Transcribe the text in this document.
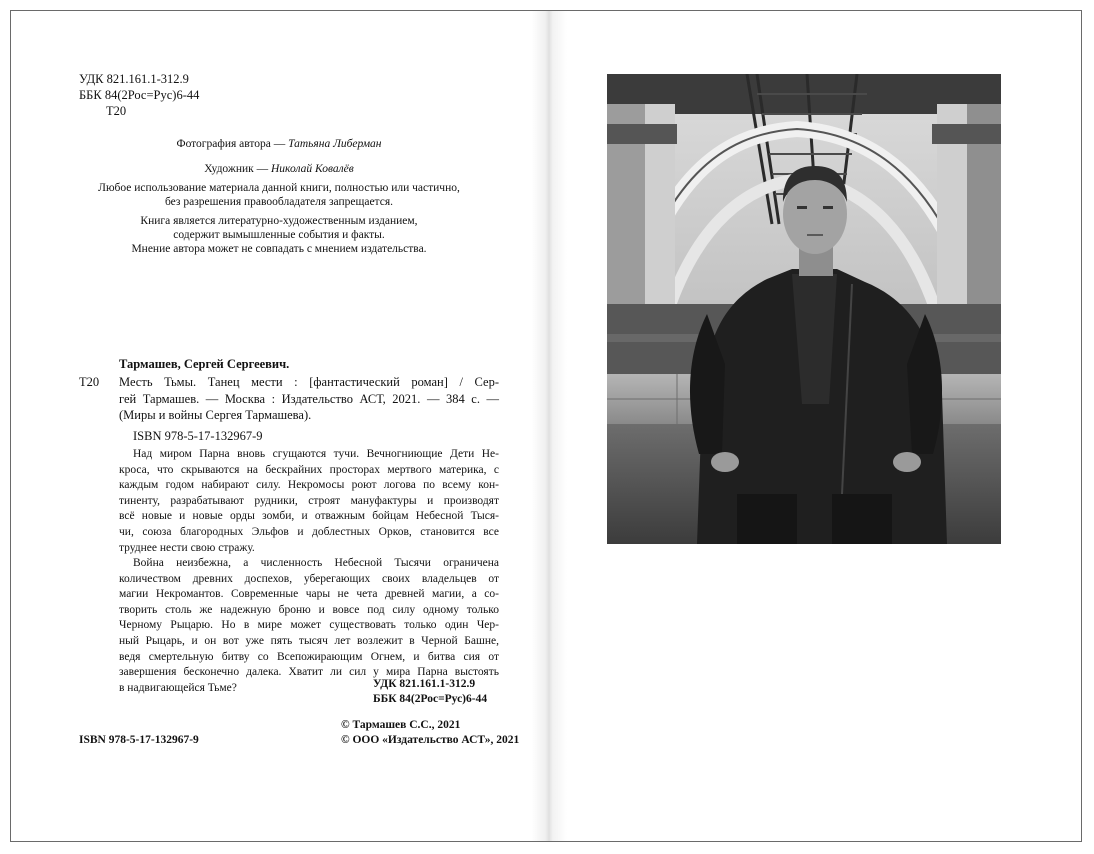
УДК 821.161.1-312.9
ББК 84(2Рос=Рус)6-44
Т20
Фотография автора — Татьяна Либерман
Художник — Николай Ковалёв
Любое использование материала данной книги, полностью или частично,
без разрешения правообладателя запрещается.
Книга является литературно-художественным изданием,
содержит вымышленные события и факты.
Мнение автора может не совпадать с мнением издательства.
Тармашев, Сергей Сергеевич.
Т20 Месть Тьмы. Танец мести : [фантастический роман] / Сер-
гей Тармашев. — Москва : Издательство АСТ, 2021. — 384 с. —
(Миры и войны Сергея Тармашева).
ISBN 978-5-17-132967-9
Над миром Парна вновь сгущаются тучи. Вечногниющие Дети Не-
кроса, что скрываются на бескрайних просторах мертвого материка, с
каждым годом набирают силу. Некромосы роют логова по всему кон-
тиненту, разрабатывают рудники, строят мануфактуры и производят
всё новые и новые орды зомби, и отважным бойцам Небесной Тыся-
чи, союза благородных Эльфов и доблестных Орков, становится все
труднее нести свою стражу.
Война неизбежна, а численность Небесной Тысячи ограничена
количеством древних доспехов, уберегающих своих владельцев от
магии Некромантов. Современные чары не чета древней магии, а со-
творить столь же надежную броню и вовсе под силу одному только
Черному Рыцарю. Но в мире может существовать только один Чер-
ный Рыцарь, и он вот уже пять тысяч лет возлежит в Черной Башне,
ведя смертельную битву со Всепожирающим Огнем, и битва сия от
завершения бесконечно далека. Хватит ли сил у мира Парна выстоять
в надвигающейся Тьме?	УДК 821.161.1-312.9
ББК 84(2Рос=Рус)6-44
© Тармашев С.С., 2021
ISBN 978-5-17-132967-9	© ООО «Издательство АСТ», 2021
